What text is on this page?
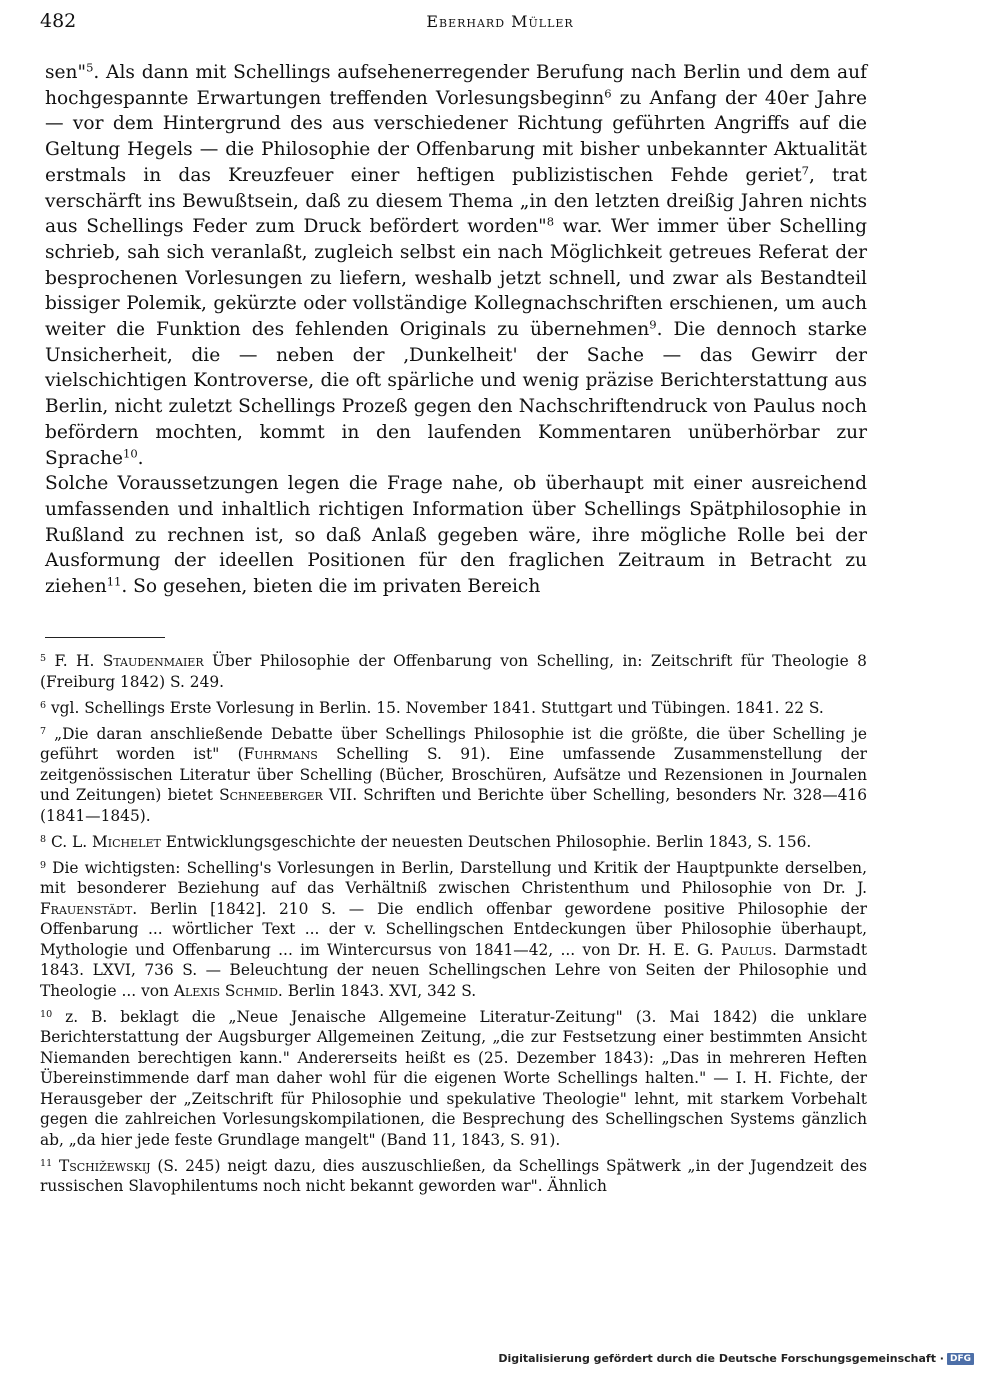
482	Eberhard Müller

sen"$^5$. Als dann mit Schellings aufsehenerregender Berufung nach Berlin und dem auf hochgespannte Erwartungen treffenden Vorlesungsbeginn$^6$ zu Anfang der 40er Jahre — vor dem Hintergrund des aus verschiedener Richtung geführten Angriffs auf die Geltung Hegels — die Philosophie der Offenbarung mit bisher unbekannter Aktualität erstmals in das Kreuzfeuer einer heftigen publizistischen Fehde geriet$^7$, trat verschärft ins Bewußtsein, daß zu diesem Thema „in den letzten dreißig Jahren nichts aus Schellings Feder zum Druck befördert worden"$^8$ war. Wer immer über Schelling schrieb, sah sich veranlaßt, zugleich selbst ein nach Möglichkeit getreues Referat der besprochenen Vorlesungen zu liefern, weshalb jetzt schnell, und zwar als Bestandteil bissiger Polemik, gekürzte oder vollständige Kollegnachschriften erschienen, um auch weiter die Funktion des fehlenden Originals zu übernehmen$^9$. Die dennoch starke Unsicherheit, die — neben der ‚Dunkelheit' der Sache — das Gewirr der vielschichtigen Kontroverse, die oft spärliche und wenig präzise Berichterstattung aus Berlin, nicht zuletzt Schellings Prozeß gegen den Nachschriftendruck von Paulus noch befördern mochten, kommt in den laufenden Kommentaren unüberhörbar zur Sprache$^{10}$.

Solche Voraussetzungen legen die Frage nahe, ob überhaupt mit einer ausreichend umfassenden und inhaltlich richtigen Information über Schellings Spätphilosophie in Rußland zu rechnen ist, so daß Anlaß gegeben wäre, ihre mögliche Rolle bei der Ausformung der ideellen Positionen für den fraglichen Zeitraum in Betracht zu ziehen$^{11}$. So gesehen, bieten die im privaten Bereich

$^5$ F. H. Staudenmaier Über Philosophie der Offenbarung von Schelling, in: Zeitschrift für Theologie 8 (Freiburg 1842) S. 249.

$^6$ vgl. Schellings Erste Vorlesung in Berlin. 15. November 1841. Stuttgart und Tübingen. 1841. 22 S.

$^7$ „Die daran anschließende Debatte über Schellings Philosophie ist die größte, die über Schelling je geführt worden ist" (Fuhrmans Schelling S. 91). Eine umfassende Zusammenstellung der zeitgenössischen Literatur über Schelling (Bücher, Broschüren, Aufsätze und Rezensionen in Journalen und Zeitungen) bietet Schneeberger VII. Schriften und Berichte über Schelling, besonders Nr. 328—416 (1841—1845).

$^8$ C. L. Michelet Entwicklungsgeschichte der neuesten Deutschen Philosophie. Berlin 1843, S. 156.

$^9$ Die wichtigsten: Schelling's Vorlesungen in Berlin, Darstellung und Kritik der Hauptpunkte derselben, mit besonderer Beziehung auf das Verhältniß zwischen Christenthum und Philosophie von Dr. J. Frauenstädt. Berlin [1842]. 210 S. — Die endlich offenbar gewordene positive Philosophie der Offenbarung ... wörtlicher Text ... der v. Schellingschen Entdeckungen über Philosophie überhaupt, Mythologie und Offenbarung ... im Wintercursus von 1841—42, ... von Dr. H. E. G. Paulus. Darmstadt 1843. LXVI, 736 S. — Beleuchtung der neuen Schellingschen Lehre von Seiten der Philosophie und Theologie ... von Alexis Schmid. Berlin 1843. XVI, 342 S.

$^{10}$ z. B. beklagt die „Neue Jenaische Allgemeine Literatur-Zeitung" (3. Mai 1842) die unklare Berichterstattung der Augsburger Allgemeinen Zeitung, „die zur Festsetzung einer bestimmten Ansicht Niemanden berechtigen kann." Andererseits heißt es (25. Dezember 1843): „Das in mehreren Heften Übereinstimmende darf man daher wohl für die eigenen Worte Schellings halten." — I. H. Fichte, der Herausgeber der „Zeitschrift für Philosophie und spekulative Theologie" lehnt, mit starkem Vorbehalt gegen die zahlreichen Vorlesungskompilationen, die Besprechung des Schellingschen Systems gänzlich ab, „da hier jede feste Grundlage mangelt" (Band 11, 1843, S. 91).

$^{11}$ Tschižewskij (S. 245) neigt dazu, dies auszuschließen, da Schellings Spätwerk „in der Jugendzeit des russischen Slavophilentums noch nicht bekannt geworden war". Ähnlich

Digitalisierung gefördert durch die Deutsche Forschungsgemeinschaft · DFG
